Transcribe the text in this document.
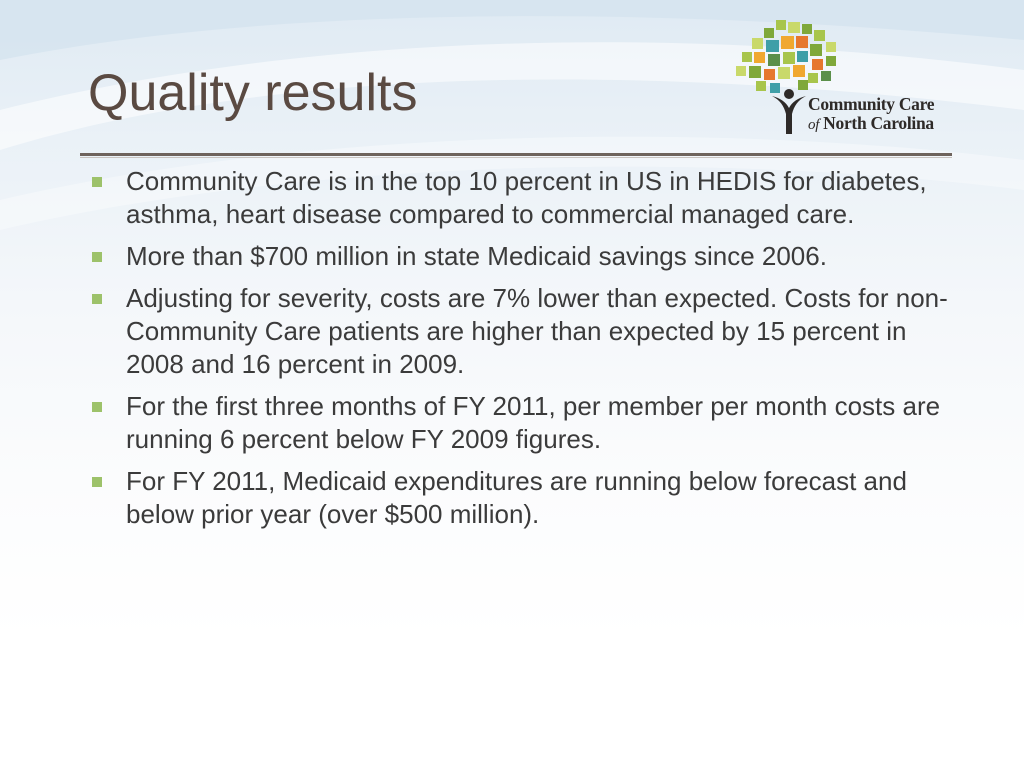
Quality results	Community Care
of North Carolina
Community Care is in the top 10 percent in US in HEDIS for diabetes, asthma, heart disease compared to commercial managed care.
More than $700 million in state Medicaid savings since 2006.
Adjusting for severity, costs are 7% lower than expected. Costs for non-Community Care patients are higher than expected by 15 percent in 2008 and 16 percent in 2009.
For the first three months of FY 2011, per member per month costs are running 6 percent below FY 2009 figures.
For FY 2011, Medicaid expenditures are running below forecast and below prior year (over $500 million).
